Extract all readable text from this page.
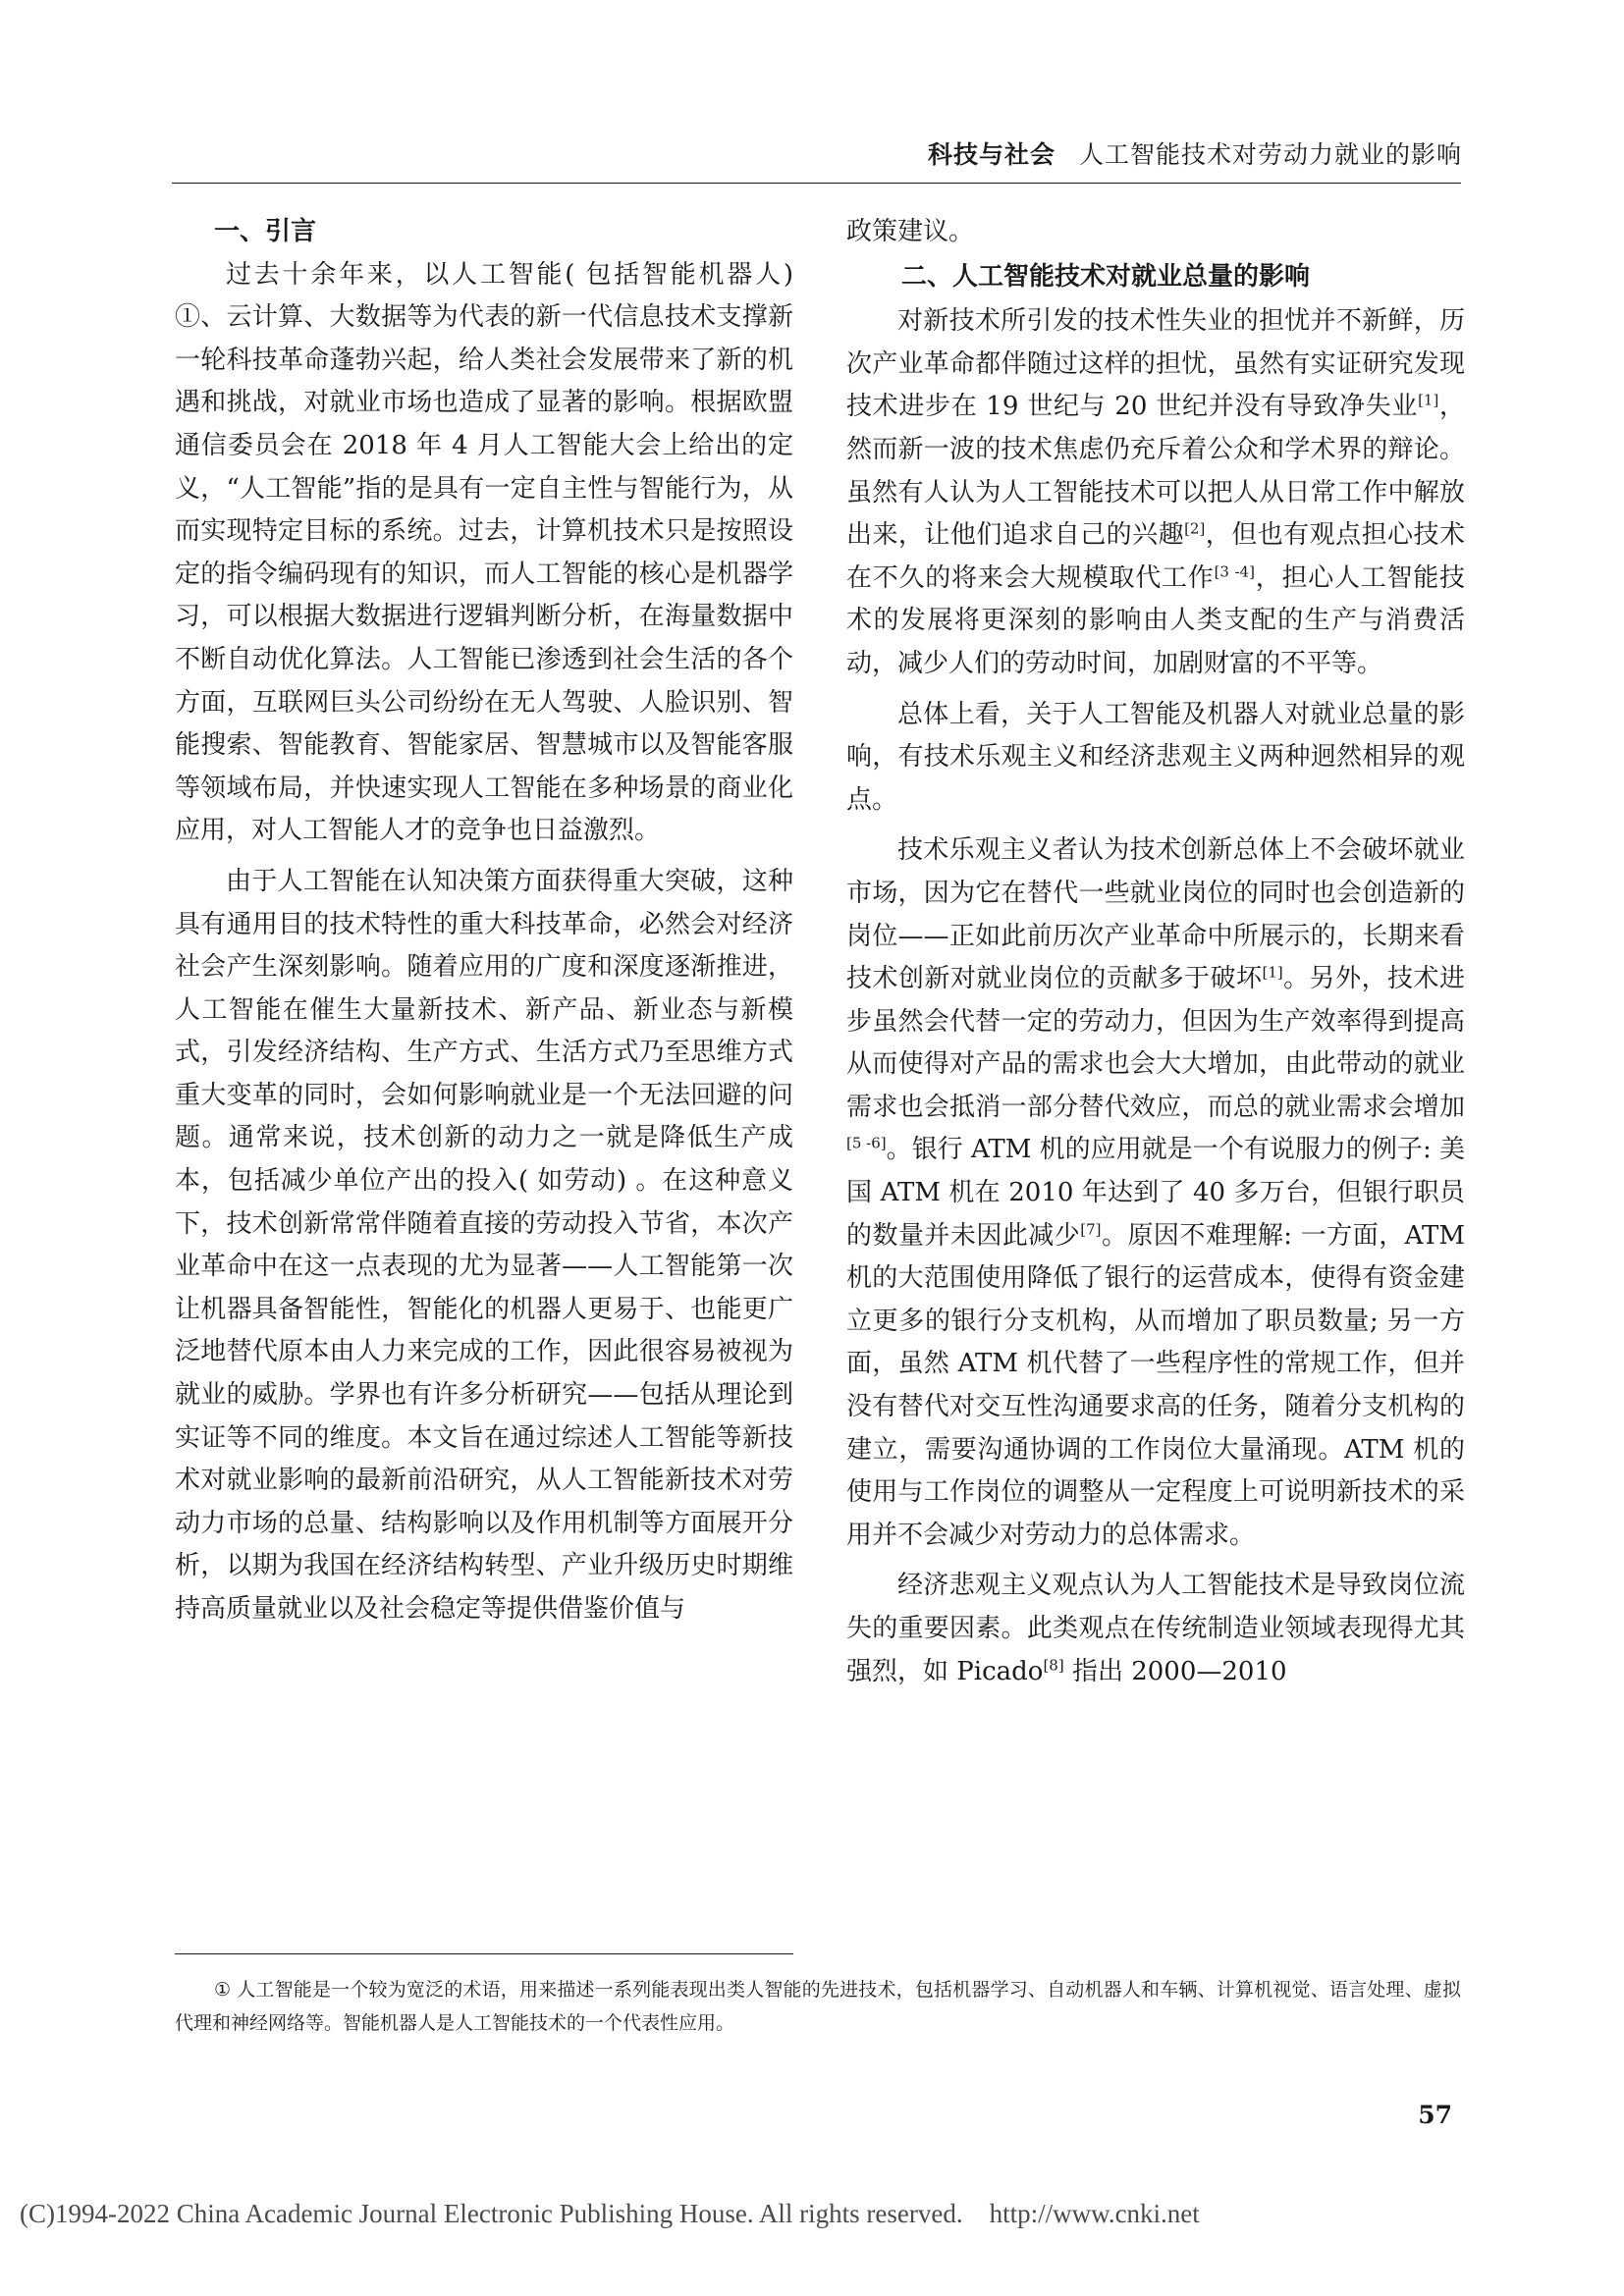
科技与社会 人工智能技术对劳动力就业的影响
一、引言

过去十余年来，以人工智能( 包括智能机器人) ①、云计算、大数据等为代表的新一代信息技术支撑新一轮科技革命蓬勃兴起，给人类社会发展带来了新的机遇和挑战，对就业市场也造成了显著的影响。根据欧盟通信委员会在 2018 年 4 月人工智能大会上给出的定义，“人工智能”指的是具有一定自主性与智能行为，从而实现特定目标的系统。过去，计算机技术只是按照设定的指令编码现有的知识，而人工智能的核心是机器学习，可以根据大数据进行逻辑判断分析，在海量数据中不断自动优化算法。人工智能已渗透到社会生活的各个方面，互联网巨头公司纷纷在无人驾驶、人脸识别、智能搜索、智能教育、智能家居、智慧城市以及智能客服等领域布局，并快速实现人工智能在多种场景的商业化应用，对人工智能人才的竞争也日益激烈。

由于人工智能在认知决策方面获得重大突破，这种具有通用目的技术特性的重大科技革命，必然会对经济社会产生深刻影响。随着应用的广度和深度逐渐推进，人工智能在催生大量新技术、新产品、新业态与新模式，引发经济结构、生产方式、生活方式乃至思维方式重大变革的同时，会如何影响就业是一个无法回避的问题。通常来说，技术创新的动力之一就是降低生产成本，包括减少单位产出的投入( 如劳动) 。在这种意义下，技术创新常常伴随着直接的劳动投入节省，本次产业革命中在这一点表现的尤为显著——人工智能第一次让机器具备智能性，智能化的机器人更易于、也能更广泛地替代原本由人力来完成的工作，因此很容易被视为就业的威胁。学界也有许多分析研究——包括从理论到实证等不同的维度。本文旨在通过综述人工智能等新技术对就业影响的最新前沿研究，从人工智能新技术对劳动力市场的总量、结构影响以及作用机制等方面展开分析，以期为我国在经济结构转型、产业升级历史时期维持高质量就业以及社会稳定等提供借鉴价值与

政策建议。

二、人工智能技术对就业总量的影响

对新技术所引发的技术性失业的担忧并不新鲜，历次产业革命都伴随过这样的担忧，虽然有实证研究发现技术进步在 19 世纪与 20 世纪并没有导致净失业[1]，然而新一波的技术焦虑仍充斥着公众和学术界的辩论。虽然有人认为人工智能技术可以把人从日常工作中解放出来，让他们追求自己的兴趣[2]，但也有观点担心技术在不久的将来会大规模取代工作[3 -4]，担心人工智能技术的发展将更深刻的影响由人类支配的生产与消费活动，减少人们的劳动时间，加剧财富的不平等。

总体上看，关于人工智能及机器人对就业总量的影响，有技术乐观主义和经济悲观主义两种迥然相异的观点。

技术乐观主义者认为技术创新总体上不会破坏就业市场，因为它在替代一些就业岗位的同时也会创造新的岗位——正如此前历次产业革命中所展示的，长期来看技术创新对就业岗位的贡献多于破坏[1]。另外，技术进步虽然会代替一定的劳动力，但因为生产效率得到提高从而使得对产品的需求也会大大增加，由此带动的就业需求也会抵消一部分替代效应，而总的就业需求会增加[5 -6]。银行 ATM 机的应用就是一个有说服力的例子: 美国 ATM 机在 2010 年达到了 40 多万台，但银行职员的数量并未因此减少[7]。原因不难理解: 一方面，ATM 机的大范围使用降低了银行的运营成本，使得有资金建立更多的银行分支机构，从而增加了职员数量; 另一方面，虽然 ATM 机代替了一些程序性的常规工作，但并没有替代对交互性沟通要求高的任务，随着分支机构的建立，需要沟通协调的工作岗位大量涌现。ATM 机的使用与工作岗位的调整从一定程度上可说明新技术的采用并不会减少对劳动力的总体需求。

经济悲观主义观点认为人工智能技术是导致岗位流失的重要因素。此类观点在传统制造业领域表现得尤其强烈，如 Picado[8] 指出 2000—2010

① 人工智能是一个较为宽泛的术语，用来描述一系列能表现出类人智能的先进技术，包括机器学习、自动机器人和车辆、计算机视觉、语言处理、虚拟代理和神经网络等。智能机器人是人工智能技术的一个代表性应用。
57
(C)1994-2022 China Academic Journal Electronic Publishing House. All rights reserved.    http://www.cnki.net
